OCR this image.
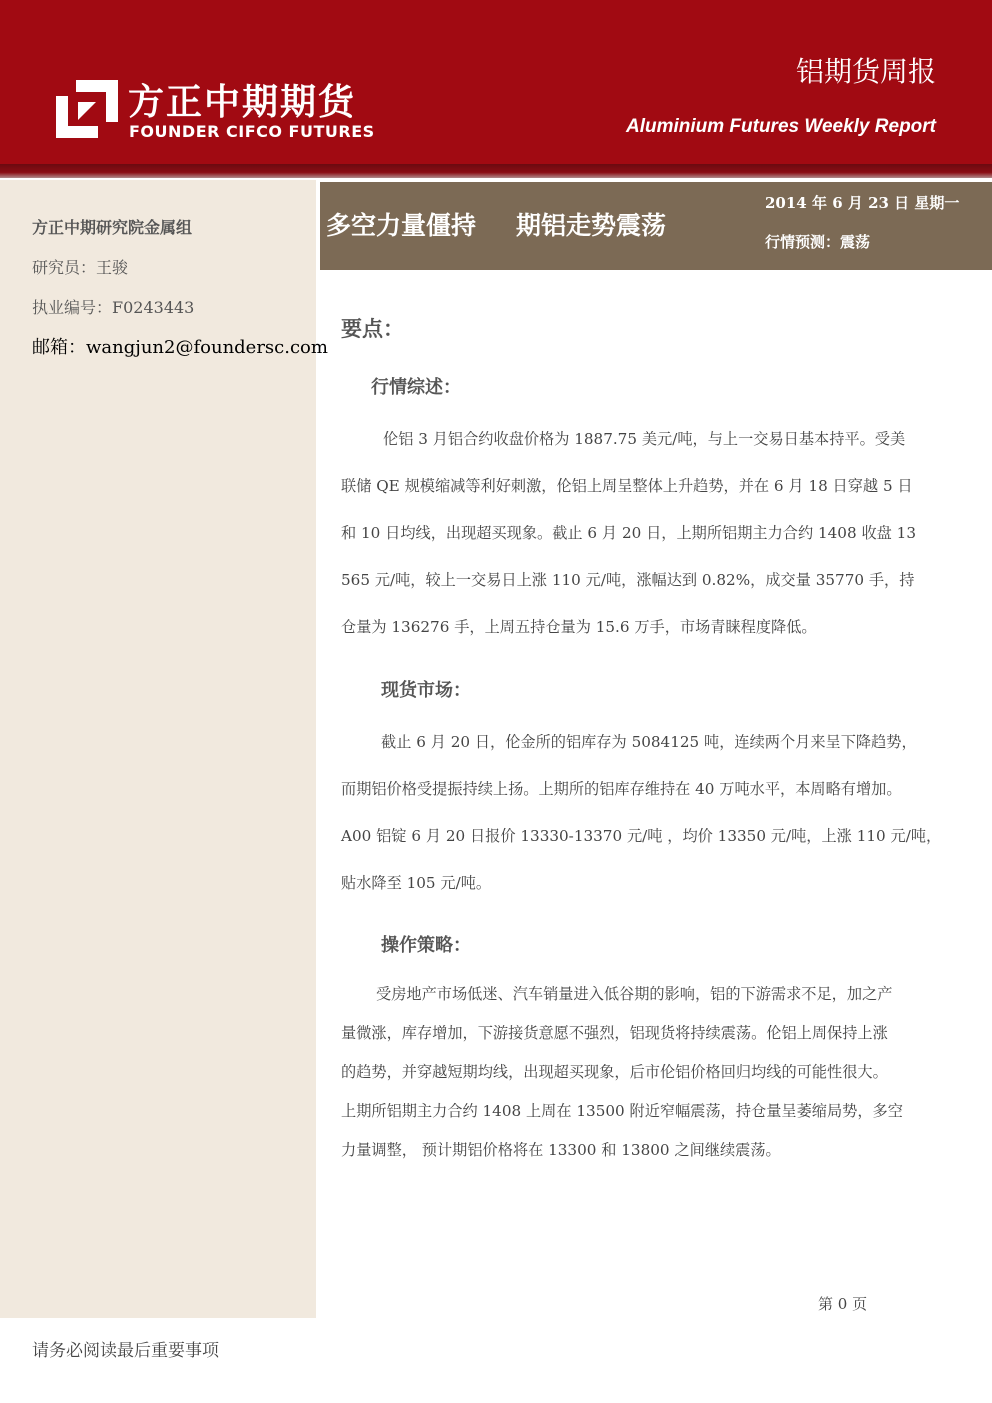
方正中期期货
FOUNDER CIFCO FUTURES
铝期货周报
Aluminium Futures Weekly Report
方正中期研究院金属组
研究员：王骏
执业编号：F0243443
邮箱：wangjun2@foundersc.com
多空力量僵持 期铝走势震荡
2014 年 6 月 23 日 星期一
行情预测：震荡
要点：
行情综述：
伦铝 3 月铝合约收盘价格为 1887.75 美元/吨，与上一交易日基本持平。受美
联储 QE 规模缩减等利好刺激，伦铝上周呈整体上升趋势，并在 6 月 18 日穿越 5 日
和 10 日均线，出现超买现象。截止 6 月 20 日，上期所铝期主力合约 1408 收盘 13
565 元/吨，较上一交易日上涨 110 元/吨，涨幅达到 0.82%，成交量 35770 手，持
仓量为 136276 手，上周五持仓量为 15.6 万手，市场青睐程度降低。
现货市场：
截止 6 月 20 日，伦金所的铝库存为 5084125 吨，连续两个月来呈下降趋势，
而期铝价格受提振持续上扬。上期所的铝库存维持在 40 万吨水平，本周略有增加。
A00 铝锭 6 月 20 日报价 13330-13370 元/吨 ，均价 13350 元/吨，上涨 110 元/吨，
贴水降至 105 元/吨。
操作策略：
受房地产市场低迷、汽车销量进入低谷期的影响，铝的下游需求不足，加之产
量微涨，库存增加，下游接货意愿不强烈，铝现货将持续震荡。伦铝上周保持上涨
的趋势，并穿越短期均线，出现超买现象，后市伦铝价格回归均线的可能性很大。
上期所铝期主力合约 1408 上周在 13500 附近窄幅震荡，持仓量呈萎缩局势，多空
力量调整， 预计期铝价格将在 13300 和 13800 之间继续震荡。
第 0 页
请务必阅读最后重要事项
